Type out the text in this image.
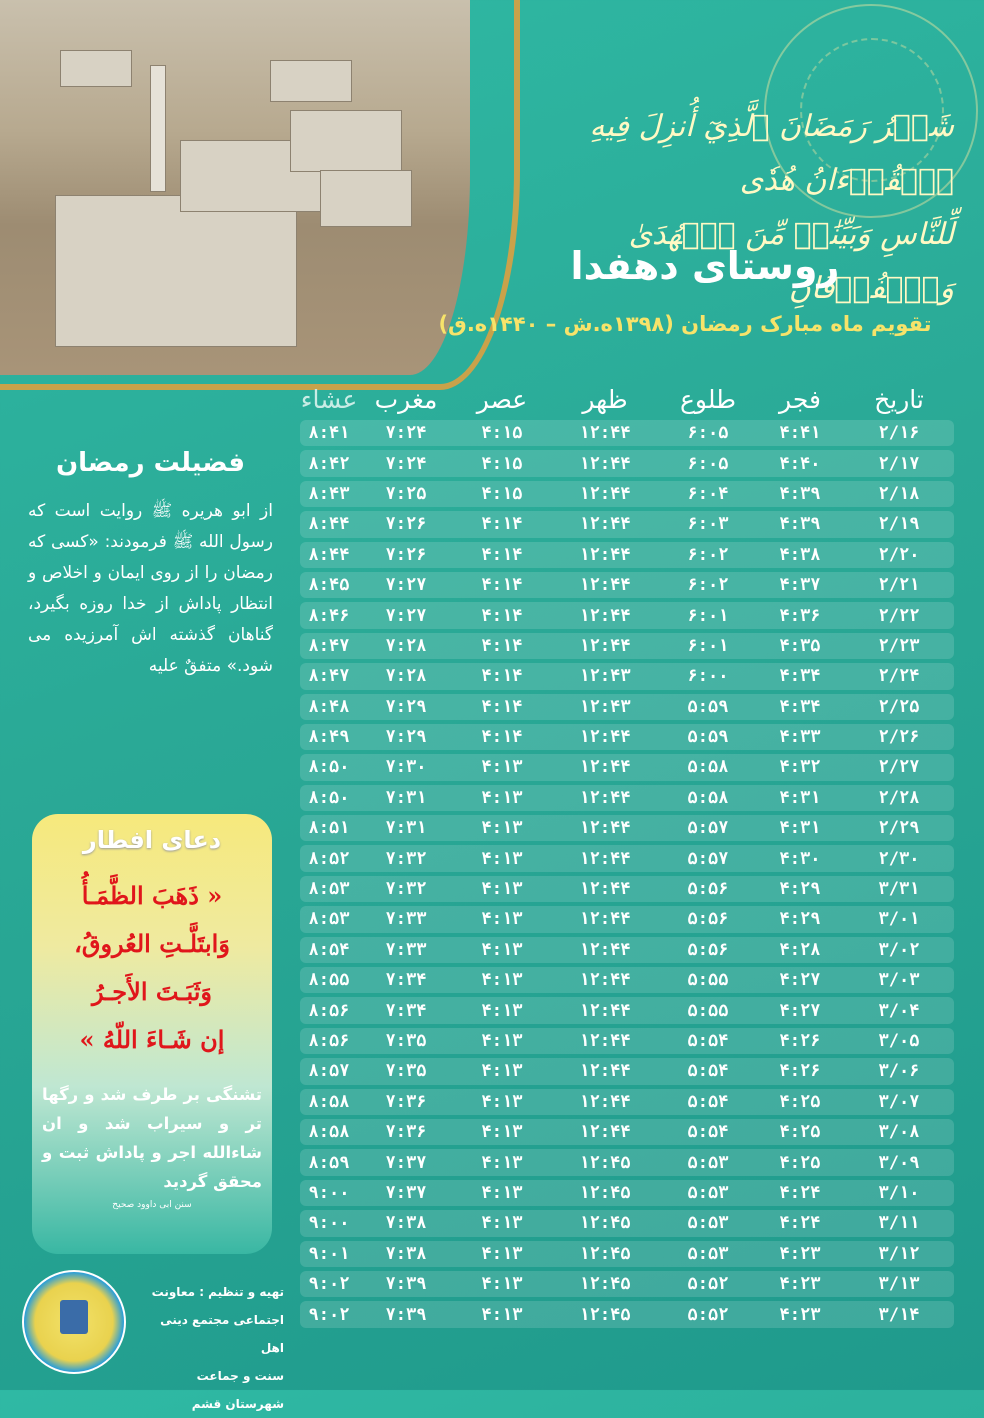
شَهۡرُ رَمَضَانَ ٱلَّذِيٓ أُنزِلَ فِيهِ ٱلۡقُرۡءَانُ هُدٗى
لِّلنَّاسِ وَبَيِّنَٰتٖ مِّنَ ٱلۡهُدَىٰ وَٱلۡفُرۡقَانِ
روستای دهفدا
تقویم ماه مبارک رمضان (۱۳۹۸ه.ش – ۱۴۴۰ه.ق)
تاریخ
فجر
طلوع
ظهر
عصر
مغرب
عشاء
۲/۱۶
۴:۴۱
۶:۰۵
۱۲:۴۴
۴:۱۵
۷:۲۴
۸:۴۱
۲/۱۷
۴:۴۰
۶:۰۵
۱۲:۴۴
۴:۱۵
۷:۲۴
۸:۴۲
۲/۱۸
۴:۳۹
۶:۰۴
۱۲:۴۴
۴:۱۵
۷:۲۵
۸:۴۳
۲/۱۹
۴:۳۹
۶:۰۳
۱۲:۴۴
۴:۱۴
۷:۲۶
۸:۴۴
۲/۲۰
۴:۳۸
۶:۰۲
۱۲:۴۴
۴:۱۴
۷:۲۶
۸:۴۴
۲/۲۱
۴:۳۷
۶:۰۲
۱۲:۴۴
۴:۱۴
۷:۲۷
۸:۴۵
۲/۲۲
۴:۳۶
۶:۰۱
۱۲:۴۴
۴:۱۴
۷:۲۷
۸:۴۶
۲/۲۳
۴:۳۵
۶:۰۱
۱۲:۴۴
۴:۱۴
۷:۲۸
۸:۴۷
۲/۲۴
۴:۳۴
۶:۰۰
۱۲:۴۳
۴:۱۴
۷:۲۸
۸:۴۷
۲/۲۵
۴:۳۴
۵:۵۹
۱۲:۴۳
۴:۱۴
۷:۲۹
۸:۴۸
۲/۲۶
۴:۳۳
۵:۵۹
۱۲:۴۴
۴:۱۴
۷:۲۹
۸:۴۹
۲/۲۷
۴:۳۲
۵:۵۸
۱۲:۴۴
۴:۱۳
۷:۳۰
۸:۵۰
۲/۲۸
۴:۳۱
۵:۵۸
۱۲:۴۴
۴:۱۳
۷:۳۱
۸:۵۰
۲/۲۹
۴:۳۱
۵:۵۷
۱۲:۴۴
۴:۱۳
۷:۳۱
۸:۵۱
۲/۳۰
۴:۳۰
۵:۵۷
۱۲:۴۴
۴:۱۳
۷:۳۲
۸:۵۲
۳/۳۱
۴:۲۹
۵:۵۶
۱۲:۴۴
۴:۱۳
۷:۳۲
۸:۵۳
۳/۰۱
۴:۲۹
۵:۵۶
۱۲:۴۴
۴:۱۳
۷:۳۳
۸:۵۳
۳/۰۲
۴:۲۸
۵:۵۶
۱۲:۴۴
۴:۱۳
۷:۳۳
۸:۵۴
۳/۰۳
۴:۲۷
۵:۵۵
۱۲:۴۴
۴:۱۳
۷:۳۴
۸:۵۵
۳/۰۴
۴:۲۷
۵:۵۵
۱۲:۴۴
۴:۱۳
۷:۳۴
۸:۵۶
۳/۰۵
۴:۲۶
۵:۵۴
۱۲:۴۴
۴:۱۳
۷:۳۵
۸:۵۶
۳/۰۶
۴:۲۶
۵:۵۴
۱۲:۴۴
۴:۱۳
۷:۳۵
۸:۵۷
۳/۰۷
۴:۲۵
۵:۵۴
۱۲:۴۴
۴:۱۳
۷:۳۶
۸:۵۸
۳/۰۸
۴:۲۵
۵:۵۴
۱۲:۴۴
۴:۱۳
۷:۳۶
۸:۵۸
۳/۰۹
۴:۲۵
۵:۵۳
۱۲:۴۵
۴:۱۳
۷:۳۷
۸:۵۹
۳/۱۰
۴:۲۴
۵:۵۳
۱۲:۴۵
۴:۱۳
۷:۳۷
۹:۰۰
۳/۱۱
۴:۲۴
۵:۵۳
۱۲:۴۵
۴:۱۳
۷:۳۸
۹:۰۰
۳/۱۲
۴:۲۳
۵:۵۳
۱۲:۴۵
۴:۱۳
۷:۳۸
۹:۰۱
۳/۱۳
۴:۲۳
۵:۵۲
۱۲:۴۵
۴:۱۳
۷:۳۹
۹:۰۲
۳/۱۴
۴:۲۳
۵:۵۲
۱۲:۴۵
۴:۱۳
۷:۳۹
۹:۰۲
فضیلت رمضان

از ابو هریره ﷺ روایت است که رسول الله ﷺ فرمودند: «کسی که رمضان را از روی ایمان و اخلاص و انتظار پاداش از خدا روزه بگیرد، گناهان گذشته اش آمرزیده می شود.» متفقٌ علیه

دعای افطار

« ذَهَبَ الظَّمَـأُ

وَابتَلَّـتِ العُروقُ،

وَثَبَـتَ الأَجـرُ

إن شَـاءَ اللّهُ »

تشنگی بر طرف شد و رگها تر و سیراب شد و ان شاءالله اجر و پاداش ثبت و محقق گردید

سنن ابی داوود صحیح
تهیه و تنظیم : معاونت
اجتماعی مجتمع دینی اهل
سنت و جماعت شهرستان قشم
